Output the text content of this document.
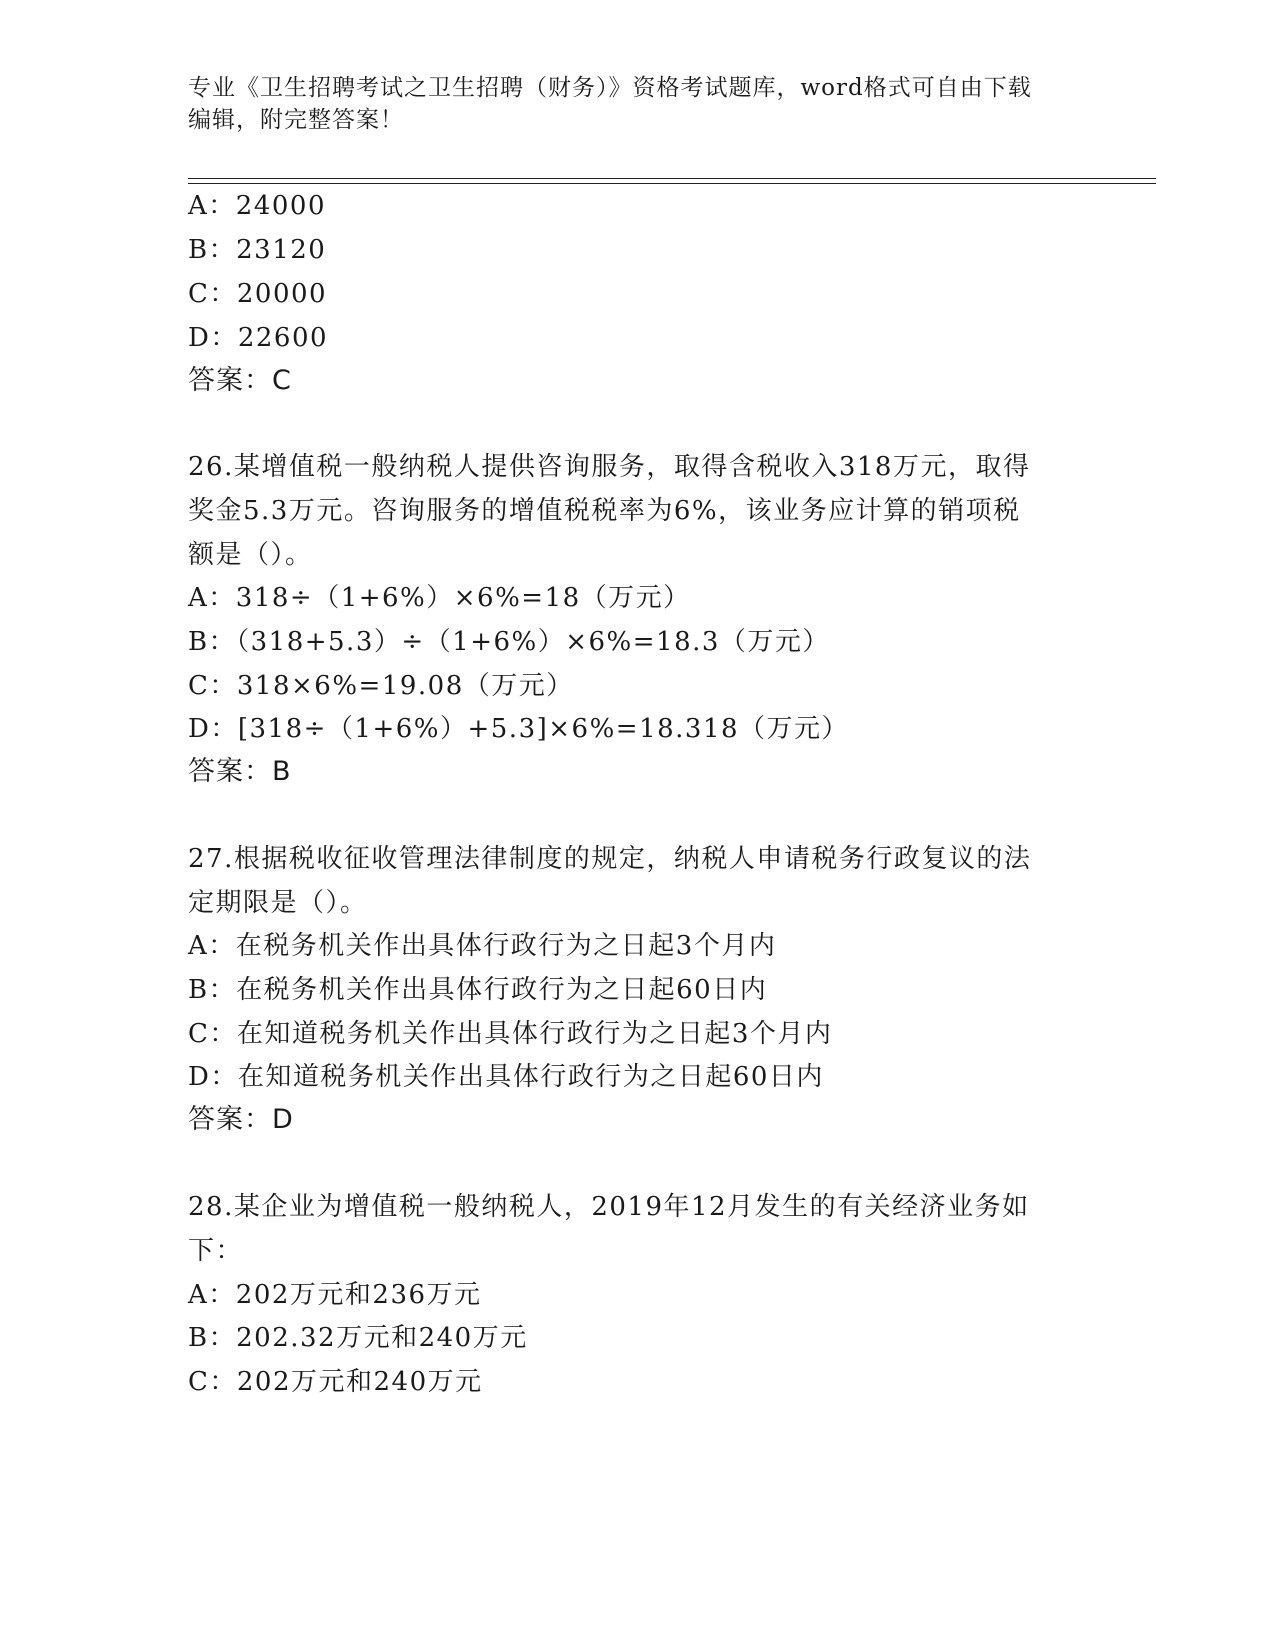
专业《卫生招聘考试之卫生招聘（财务）》资格考试题库，word格式可自由下载
编辑，附完整答案！
A：24000
B：23120
C：20000
D：22600
答案：C
26.某增值税一般纳税人提供咨询服务，取得含税收入318万元，取得
奖金5.3万元。咨询服务的增值税税率为6%，该业务应计算的销项税
额是（）。
A：318÷（1+6%）×6%=18（万元）
B：（318+5.3）÷（1+6%）×6%=18.3（万元）
C：318×6%=19.08（万元）
D：[318÷（1+6%）+5.3]×6%=18.318（万元）
答案：B
27.根据税收征收管理法律制度的规定，纳税人申请税务行政复议的法
定期限是（）。
A：在税务机关作出具体行政行为之日起3个月内
B：在税务机关作出具体行政行为之日起60日内
C：在知道税务机关作出具体行政行为之日起3个月内
D：在知道税务机关作出具体行政行为之日起60日内
答案：D
28.某企业为增值税一般纳税人，2019年12月发生的有关经济业务如
下：
A：202万元和236万元
B：202.32万元和240万元
C：202万元和240万元
